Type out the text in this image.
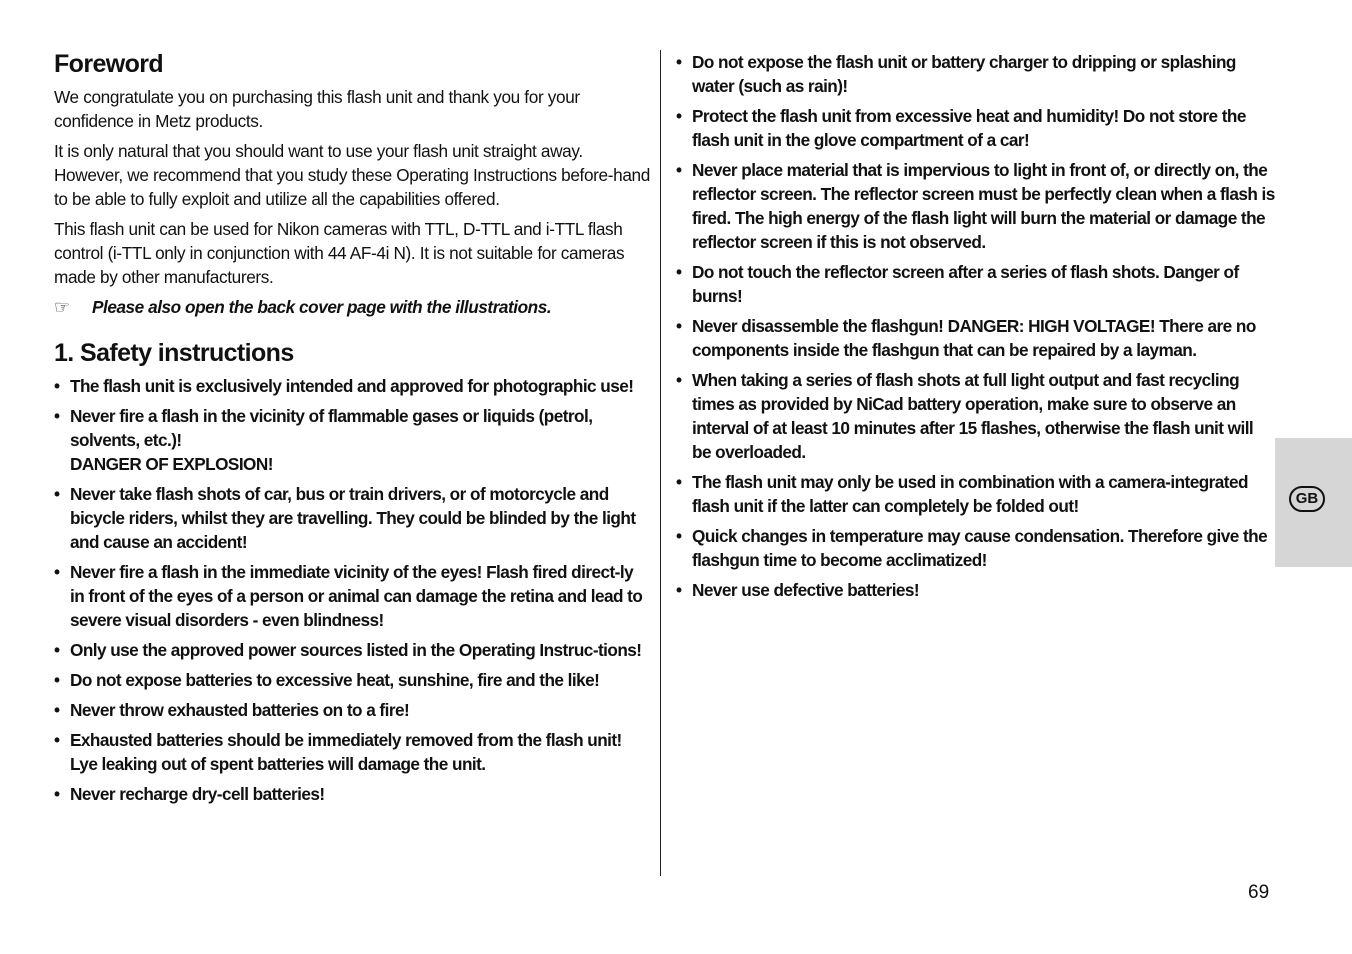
Foreword

We congratulate you on purchasing this flash unit and thank you for your confidence in Metz products.

It is only natural that you should want to use your flash unit straight away. However, we recommend that you study these Operating Instructions before-hand to be able to fully exploit and utilize all the capabilities offered.

This flash unit can be used for Nikon cameras with TTL, D-TTL and i-TTL flash control (i-TTL only in conjunction with 44 AF-4i N). It is not suitable for cameras made by other manufacturers.

☞ Please also open the back cover page with the illustrations.

1. Safety instructions
• The flash unit is exclusively intended and approved for photographic use!
• Never fire a flash in the vicinity of flammable gases or liquids (petrol, solvents, etc.)!
DANGER OF EXPLOSION!
• Never take flash shots of car, bus or train drivers, or of motorcycle and bicycle riders, whilst they are travelling. They could be blinded by the light and cause an accident!
• Never fire a flash in the immediate vicinity of the eyes! Flash fired direct-ly in front of the eyes of a person or animal can damage the retina and lead to severe visual disorders - even blindness!
• Only use the approved power sources listed in the Operating Instruc-tions!
• Do not expose batteries to excessive heat, sunshine, fire and the like!
• Never throw exhausted batteries on to a fire!
• Exhausted batteries should be immediately removed from the flash unit! Lye leaking out of spent batteries will damage the unit.
• Never recharge dry-cell batteries!
• Do not expose the flash unit or battery charger to dripping or splashing water (such as rain)!
• Protect the flash unit from excessive heat and humidity! Do not store the flash unit in the glove compartment of a car!
• Never place material that is impervious to light in front of, or directly on, the reflector screen. The reflector screen must be perfectly clean when a flash is fired. The high energy of the flash light will burn the material or damage the reflector screen if this is not observed.
• Do not touch the reflector screen after a series of flash shots. Danger of burns!
• Never disassemble the flashgun! DANGER: HIGH VOLTAGE! There are no components inside the flashgun that can be repaired by a layman.
• When taking a series of flash shots at full light output and fast recycling times as provided by NiCad battery operation, make sure to observe an interval of at least 10 minutes after 15 flashes, otherwise the flash unit will be overloaded.
• The flash unit may only be used in combination with a camera-integrated flash unit if the latter can completely be folded out!
• Quick changes in temperature may cause condensation. Therefore give the flashgun time to become acclimatized!
• Never use defective batteries!
GB
69
